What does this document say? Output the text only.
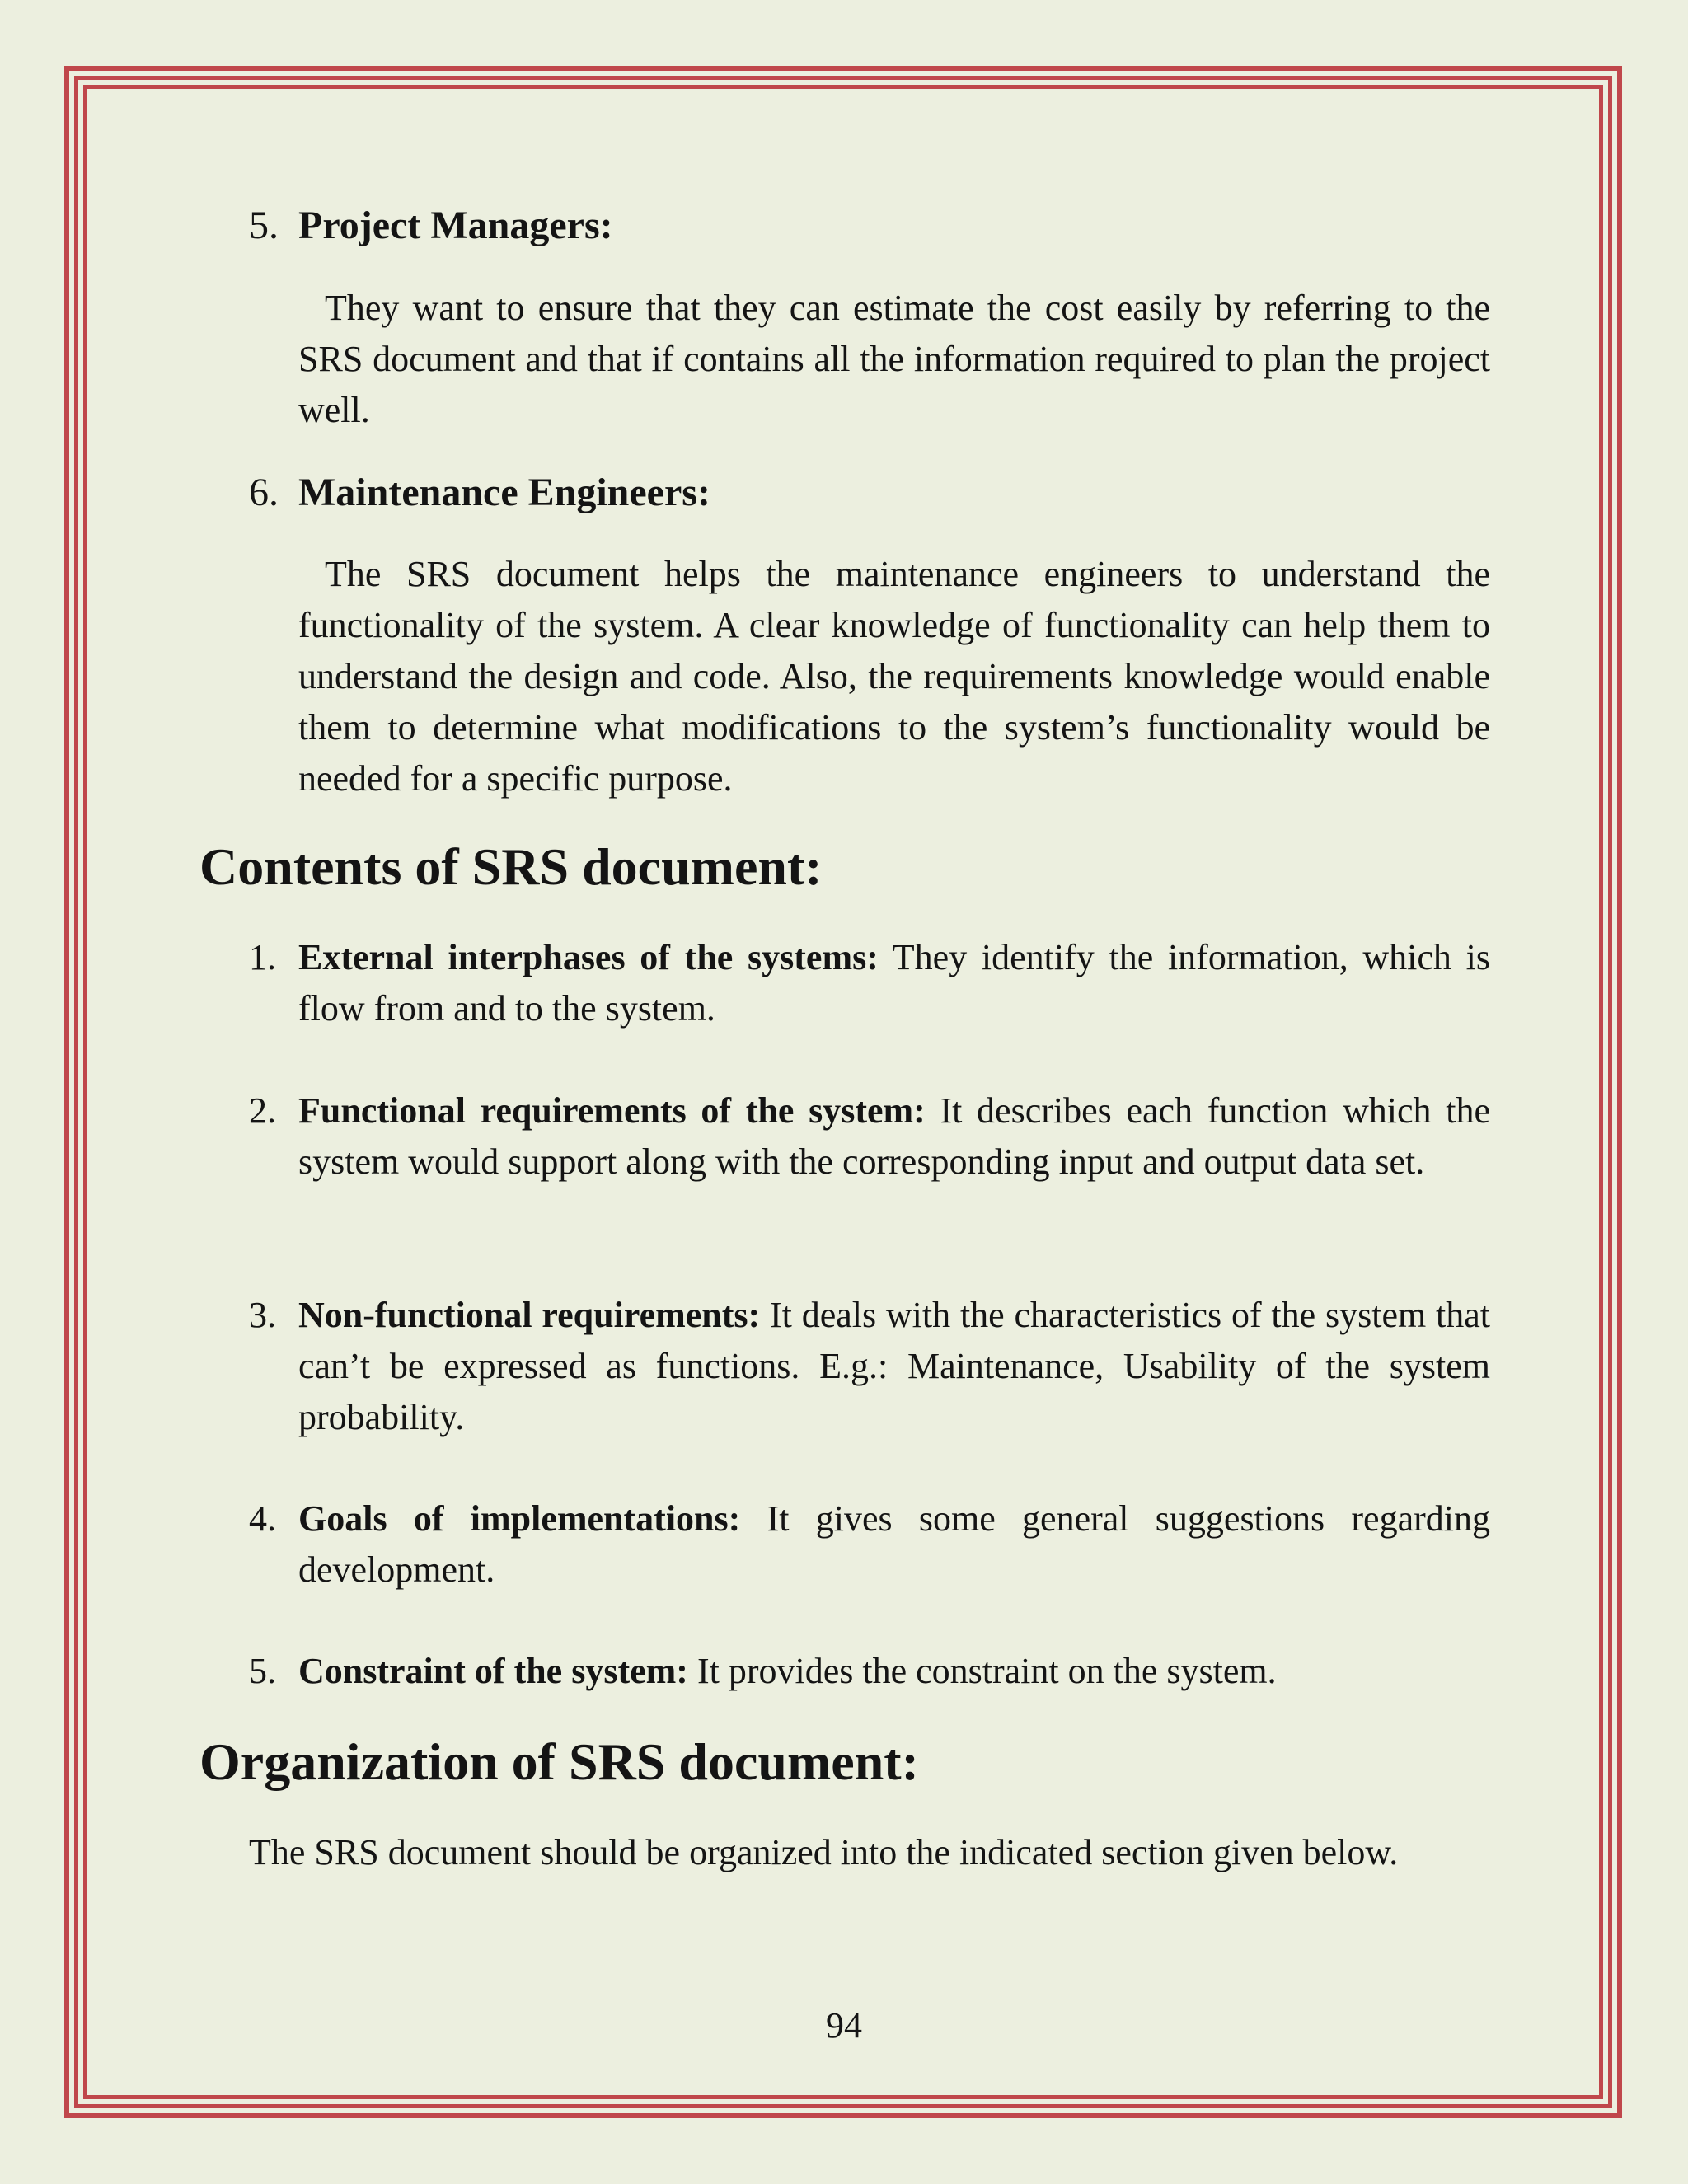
5. Project Managers:
They want to ensure that they can estimate the cost easily by referring to the SRS document and that if contains all the information required to plan the project well.
6. Maintenance Engineers:
The SRS document helps the maintenance engineers to understand the functionality of the system. A clear knowledge of functionality can help them to understand the design and code. Also, the requirements knowledge would enable them to determine what modifications to the system’s functionality would be needed for a specific purpose.
Contents of SRS document:
1. External interphases of the systems: They identify the information, which is flow from and to the system.
2. Functional requirements of the system: It describes each function which the system would support along with the corresponding input and output data set.
3. Non-functional requirements: It deals with the characteristics of the system that can’t be expressed as functions. E.g.: Maintenance, Usability of the system probability.
4. Goals of implementations: It gives some general suggestions regarding development.
5. Constraint of the system: It provides the constraint on the system.
Organization of SRS document:
The SRS document should be organized into the indicated section given below.
94
